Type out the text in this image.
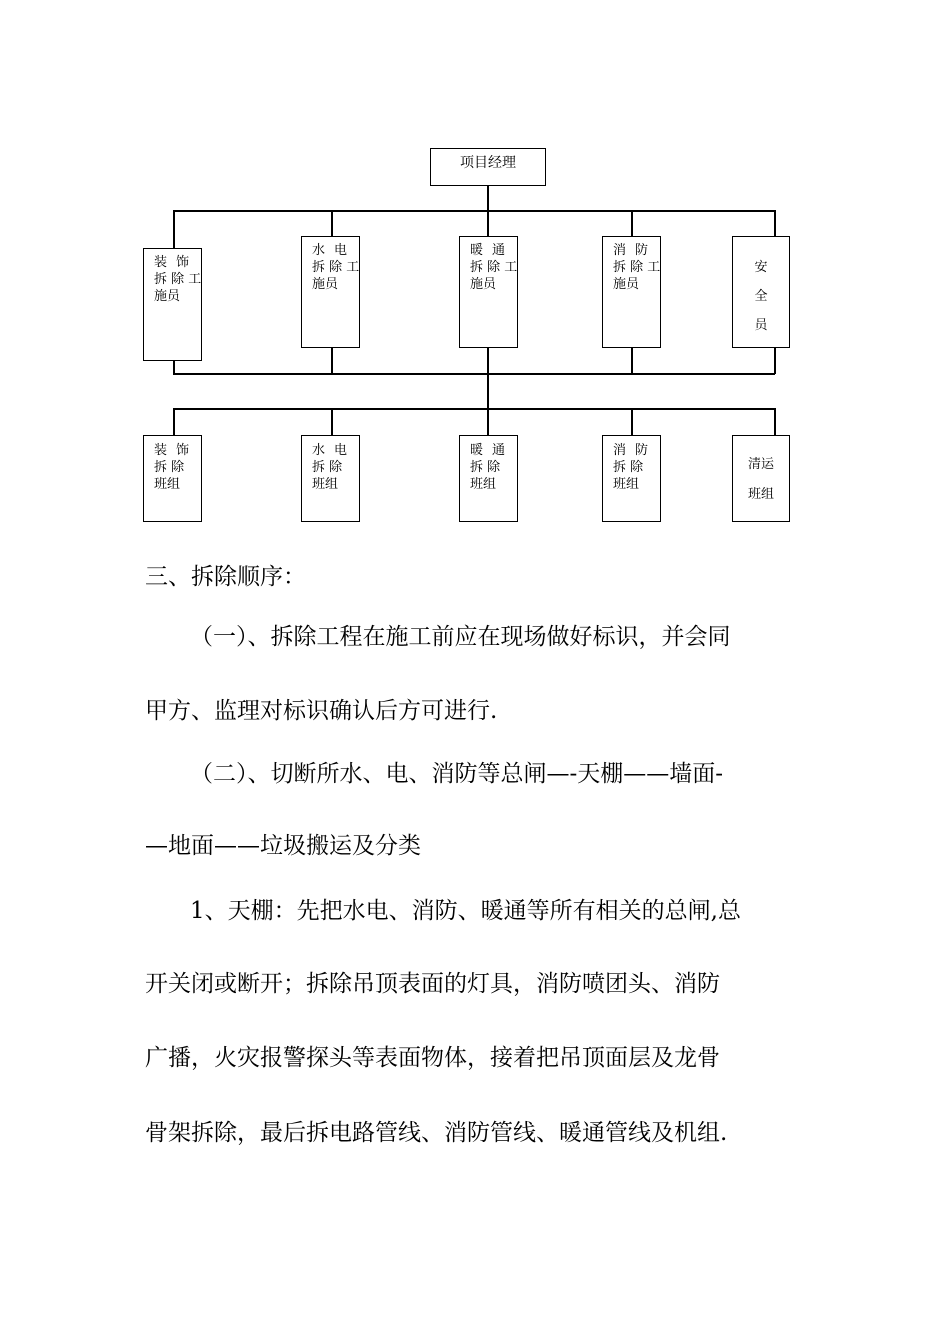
项目经理
装 饰
拆 除 工
施员
水 电
拆 除 工
施员
暖 通
拆 除 工
施员
消 防
拆 除 工
施员
安
全
员
装 饰
拆 除
班组
水 电
拆 除
班组
暖 通
拆 除
班组
消 防
拆 除
班组
清运
班组
三、拆除顺序：
（一）、拆除工程在施工前应在现场做好标识，并会同
甲方、监理对标识确认后方可进行.
（二）、切断所水、电、消防等总闸—-天棚——墙面-
—地面——垃圾搬运及分类
1、天棚：先把水电、消防、暖通等所有相关的总闸,总
开关闭或断开；拆除吊顶表面的灯具，消防喷团头、消防
广播，火灾报警探头等表面物体，接着把吊顶面层及龙骨
骨架拆除，最后拆电路管线、消防管线、暖通管线及机组.
